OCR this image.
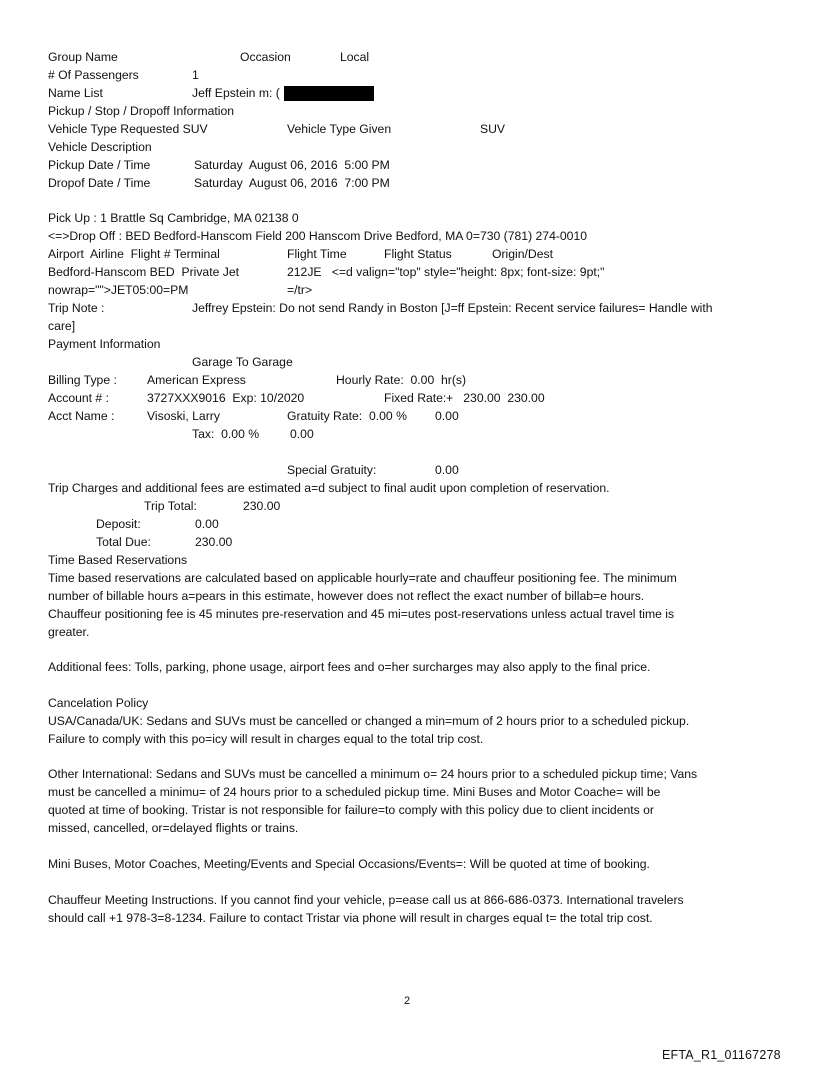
Group Name	Occasion	Local
# Of Passengers	1
Name List	Jeff Epstein m: (
Pickup / Stop / Dropoff Information
Vehicle Type Requested SUV	Vehicle Type Given	SUV
Vehicle Description
Pickup Date / Time	Saturday  August 06, 2016  5:00 PM
Dropof Date / Time	Saturday  August 06, 2016  7:00 PM
Pick Up : 1 Brattle Sq Cambridge, MA 02138 0
<=>Drop Off : BED Bedford-Hanscom Field 200 Hanscom Drive Bedford, MA 0=730 (781) 274-0010
Airport  Airline  Flight # Terminal	Flight Time	Flight Status	Origin/Dest
Bedford-Hanscom BED  Private Jet	212JE   <=d valign="top" style="height: 8px; font-size: 9pt;"
nowrap="">JET05:00=PM	=/tr>
Trip Note :	Jeffrey Epstein: Do not send Randy in Boston [J=ff Epstein: Recent service failures= Handle with
care]
Payment Information
Garage To Garage
Billing Type : American Express	Hourly Rate:  0.00  hr(s)
Account # :	3727XXX9016  Exp: 10/2020	Fixed Rate: +   230.00  230.00
Acct Name :	Visoski, Larry	Gratuity Rate:  0.00 % 0.00
Tax:  0.00 %	0.00
Special Gratuity:	0.00
Trip Charges and additional fees are estimated a=d subject to final audit upon completion of reservation.
Trip Total:	230.00
Deposit:	0.00
Total Due:	230.00
Time Based Reservations
Time based reservations are calculated based on applicable hourly=rate and chauffeur positioning fee. The minimum
number of billable hours a=pears in this estimate, however does not reflect the exact number of billab=e hours.
Chauffeur positioning fee is 45 minutes pre-reservation and 45 mi=utes post-reservations unless actual travel time is
greater.
Additional fees: Tolls, parking, phone usage, airport fees and o=her surcharges may also apply to the final price.
Cancelation Policy
USA/Canada/UK: Sedans and SUVs must be cancelled or changed a min=mum of 2 hours prior to a scheduled pickup.
Failure to comply with this po=icy will result in charges equal to the total trip cost.
Other International: Sedans and SUVs must be cancelled a minimum o= 24 hours prior to a scheduled pickup time; Vans
must be cancelled a minimu= of 24 hours prior to a scheduled pickup time. Mini Buses and Motor Coache= will be
quoted at time of booking. Tristar is not responsible for failure=to comply with this policy due to client incidents or
missed, cancelled, or=delayed flights or trains.
Mini Buses, Motor Coaches, Meeting/Events and Special Occasions/Events=: Will be quoted at time of booking.
Chauffeur Meeting Instructions. If you cannot find your vehicle, p=ease call us at 866-686-0373. International travelers
should call +1 978-3=8-1234. Failure to contact Tristar via phone will result in charges equal t= the total trip cost.
2
EFTA_R1_01167278
